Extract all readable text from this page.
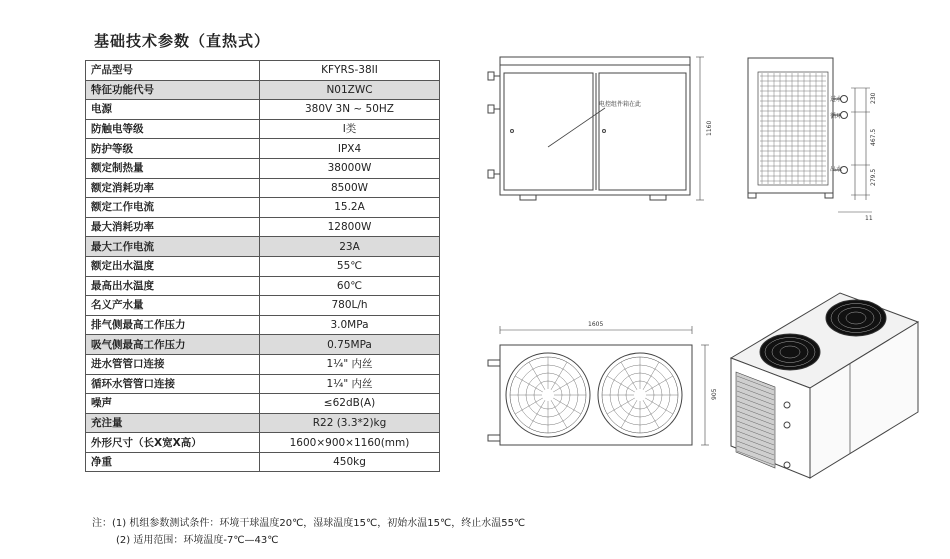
基础技术参数（直热式）
产品型号	KFYRS-38II
特征功能代号	N01ZWC
电源	380V 3N ~ 50HZ
防触电等级	Ⅰ类
防护等级	IPX4
额定制热量	38000W
额定消耗功率	8500W
额定工作电流	15.2A
最大消耗功率	12800W
最大工作电流	23A
额定出水温度	55℃
最高出水温度	60℃
名义产水量	780L/h
排气侧最高工作压力	3.0MPa
吸气侧最高工作压力	0.75MPa
进水管管口连接	1¼" 内丝
循环水管管口连接	1¼" 内丝
噪声	≤62dB(A)
充注量	R22 (3.3*2)kg
外形尺寸（长X宽X高）	1600×900×1160(mm)
净重	450kg
注：(1) 机组参数测试条件：环境干球温度20℃，湿球温度15℃，初始水温15℃，终止水温55℃
(2) 适用范围：环境温度-7℃—43℃
电控组件箱在此
1160
进水
循环
出水
230
467.5
279.5
11
1605
905
